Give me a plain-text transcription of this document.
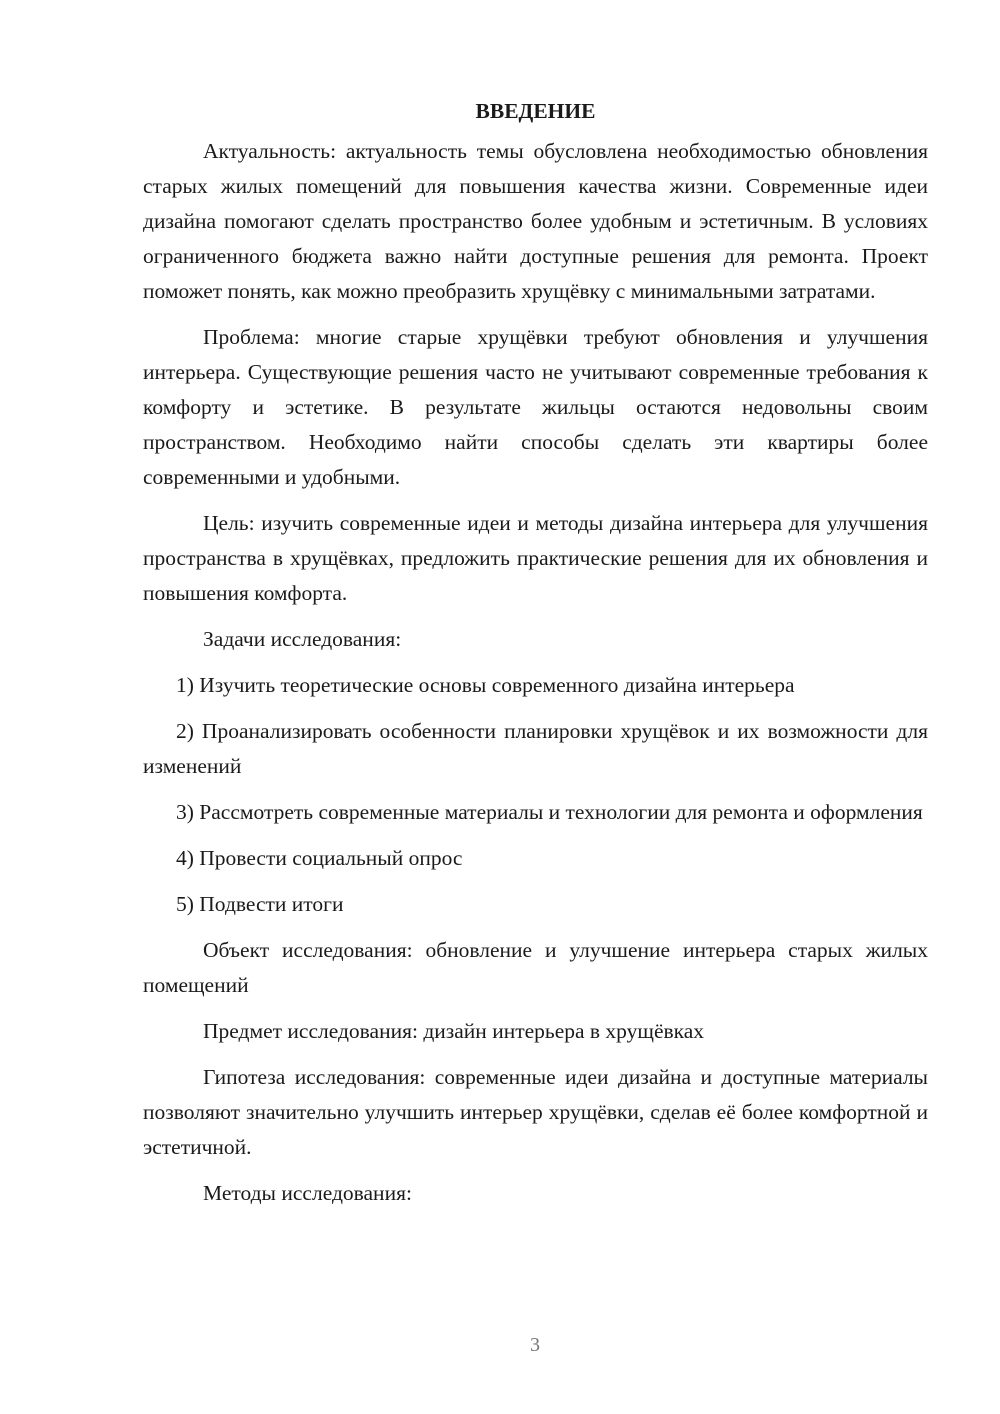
ВВЕДЕНИЕ

Актуальность: актуальность темы обусловлена необходимостью обновления старых жилых помещений для повышения качества жизни. Современные идеи дизайна помогают сделать пространство более удобным и эстетичным. В условиях ограниченного бюджета важно найти доступные решения для ремонта. Проект поможет понять, как можно преобразить хрущёвку с минимальными затратами.

Проблема: многие старые хрущёвки требуют обновления и улучшения интерьера. Существующие решения часто не учитывают современные требования к комфорту и эстетике. В результате жильцы остаются недовольны своим пространством. Необходимо найти способы сделать эти квартиры более современными и удобными.

Цель: изучить современные идеи и методы дизайна интерьера для улучшения пространства в хрущёвках, предложить практические решения для их обновления и повышения комфорта.

Задачи исследования:

1) Изучить теоретические основы современного дизайна интерьера

2) Проанализировать особенности планировки хрущёвок и их возможности для изменений

3) Рассмотреть современные материалы и технологии для ремонта и оформления

4) Провести социальный опрос

5) Подвести итоги

Объект исследования: обновление и улучшение интерьера старых жилых помещений

Предмет исследования: дизайн интерьера в хрущёвках

Гипотеза исследования: современные идеи дизайна и доступные материалы позволяют значительно улучшить интерьер хрущёвки, сделав её более комфортной и эстетичной.

Методы исследования:

3
